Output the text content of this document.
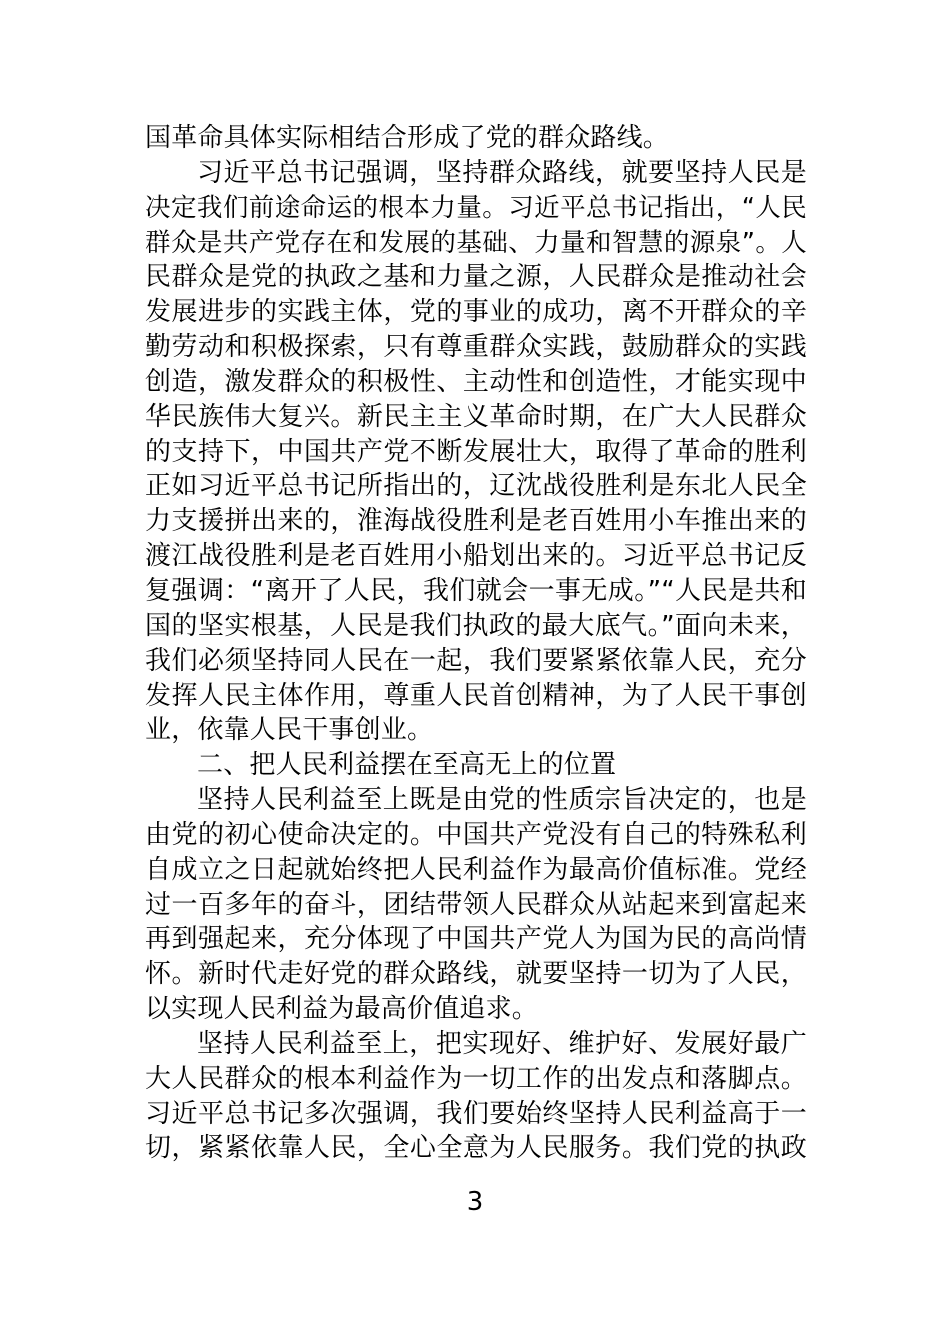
国革命具体实际相结合形成了党的群众路线。
习近平总书记强调，坚持群众路线，就要坚持人民是
决定我们前途命运的根本力量。习近平总书记指出，“人民
群众是共产党存在和发展的基础、力量和智慧的源泉”。人
民群众是党的执政之基和力量之源，人民群众是推动社会
发展进步的实践主体，党的事业的成功，离不开群众的辛
勤劳动和积极探索，只有尊重群众实践，鼓励群众的实践
创造，激发群众的积极性、主动性和创造性，才能实现中
华民族伟大复兴。新民主主义革命时期，在广大人民群众
的支持下，中国共产党不断发展壮大，取得了革命的胜利
正如习近平总书记所指出的，辽沈战役胜利是东北人民全
力支援拼出来的，淮海战役胜利是老百姓用小车推出来的
渡江战役胜利是老百姓用小船划出来的。习近平总书记反
复强调：“离开了人民，我们就会一事无成。”“人民是共和
国的坚实根基，人民是我们执政的最大底气。”面向未来，
我们必须坚持同人民在一起，我们要紧紧依靠人民，充分
发挥人民主体作用，尊重人民首创精神，为了人民干事创
业，依靠人民干事创业。
二、把人民利益摆在至高无上的位置
坚持人民利益至上既是由党的性质宗旨决定的，也是
由党的初心使命决定的。中国共产党没有自己的特殊私利
自成立之日起就始终把人民利益作为最高价值标准。党经
过一百多年的奋斗，团结带领人民群众从站起来到富起来
再到强起来，充分体现了中国共产党人为国为民的高尚情
怀。新时代走好党的群众路线，就要坚持一切为了人民，
以实现人民利益为最高价值追求。
坚持人民利益至上，把实现好、维护好、发展好最广
大人民群众的根本利益作为一切工作的出发点和落脚点。
习近平总书记多次强调，我们要始终坚持人民利益高于一
切，紧紧依靠人民，全心全意为人民服务。我们党的执政
3
